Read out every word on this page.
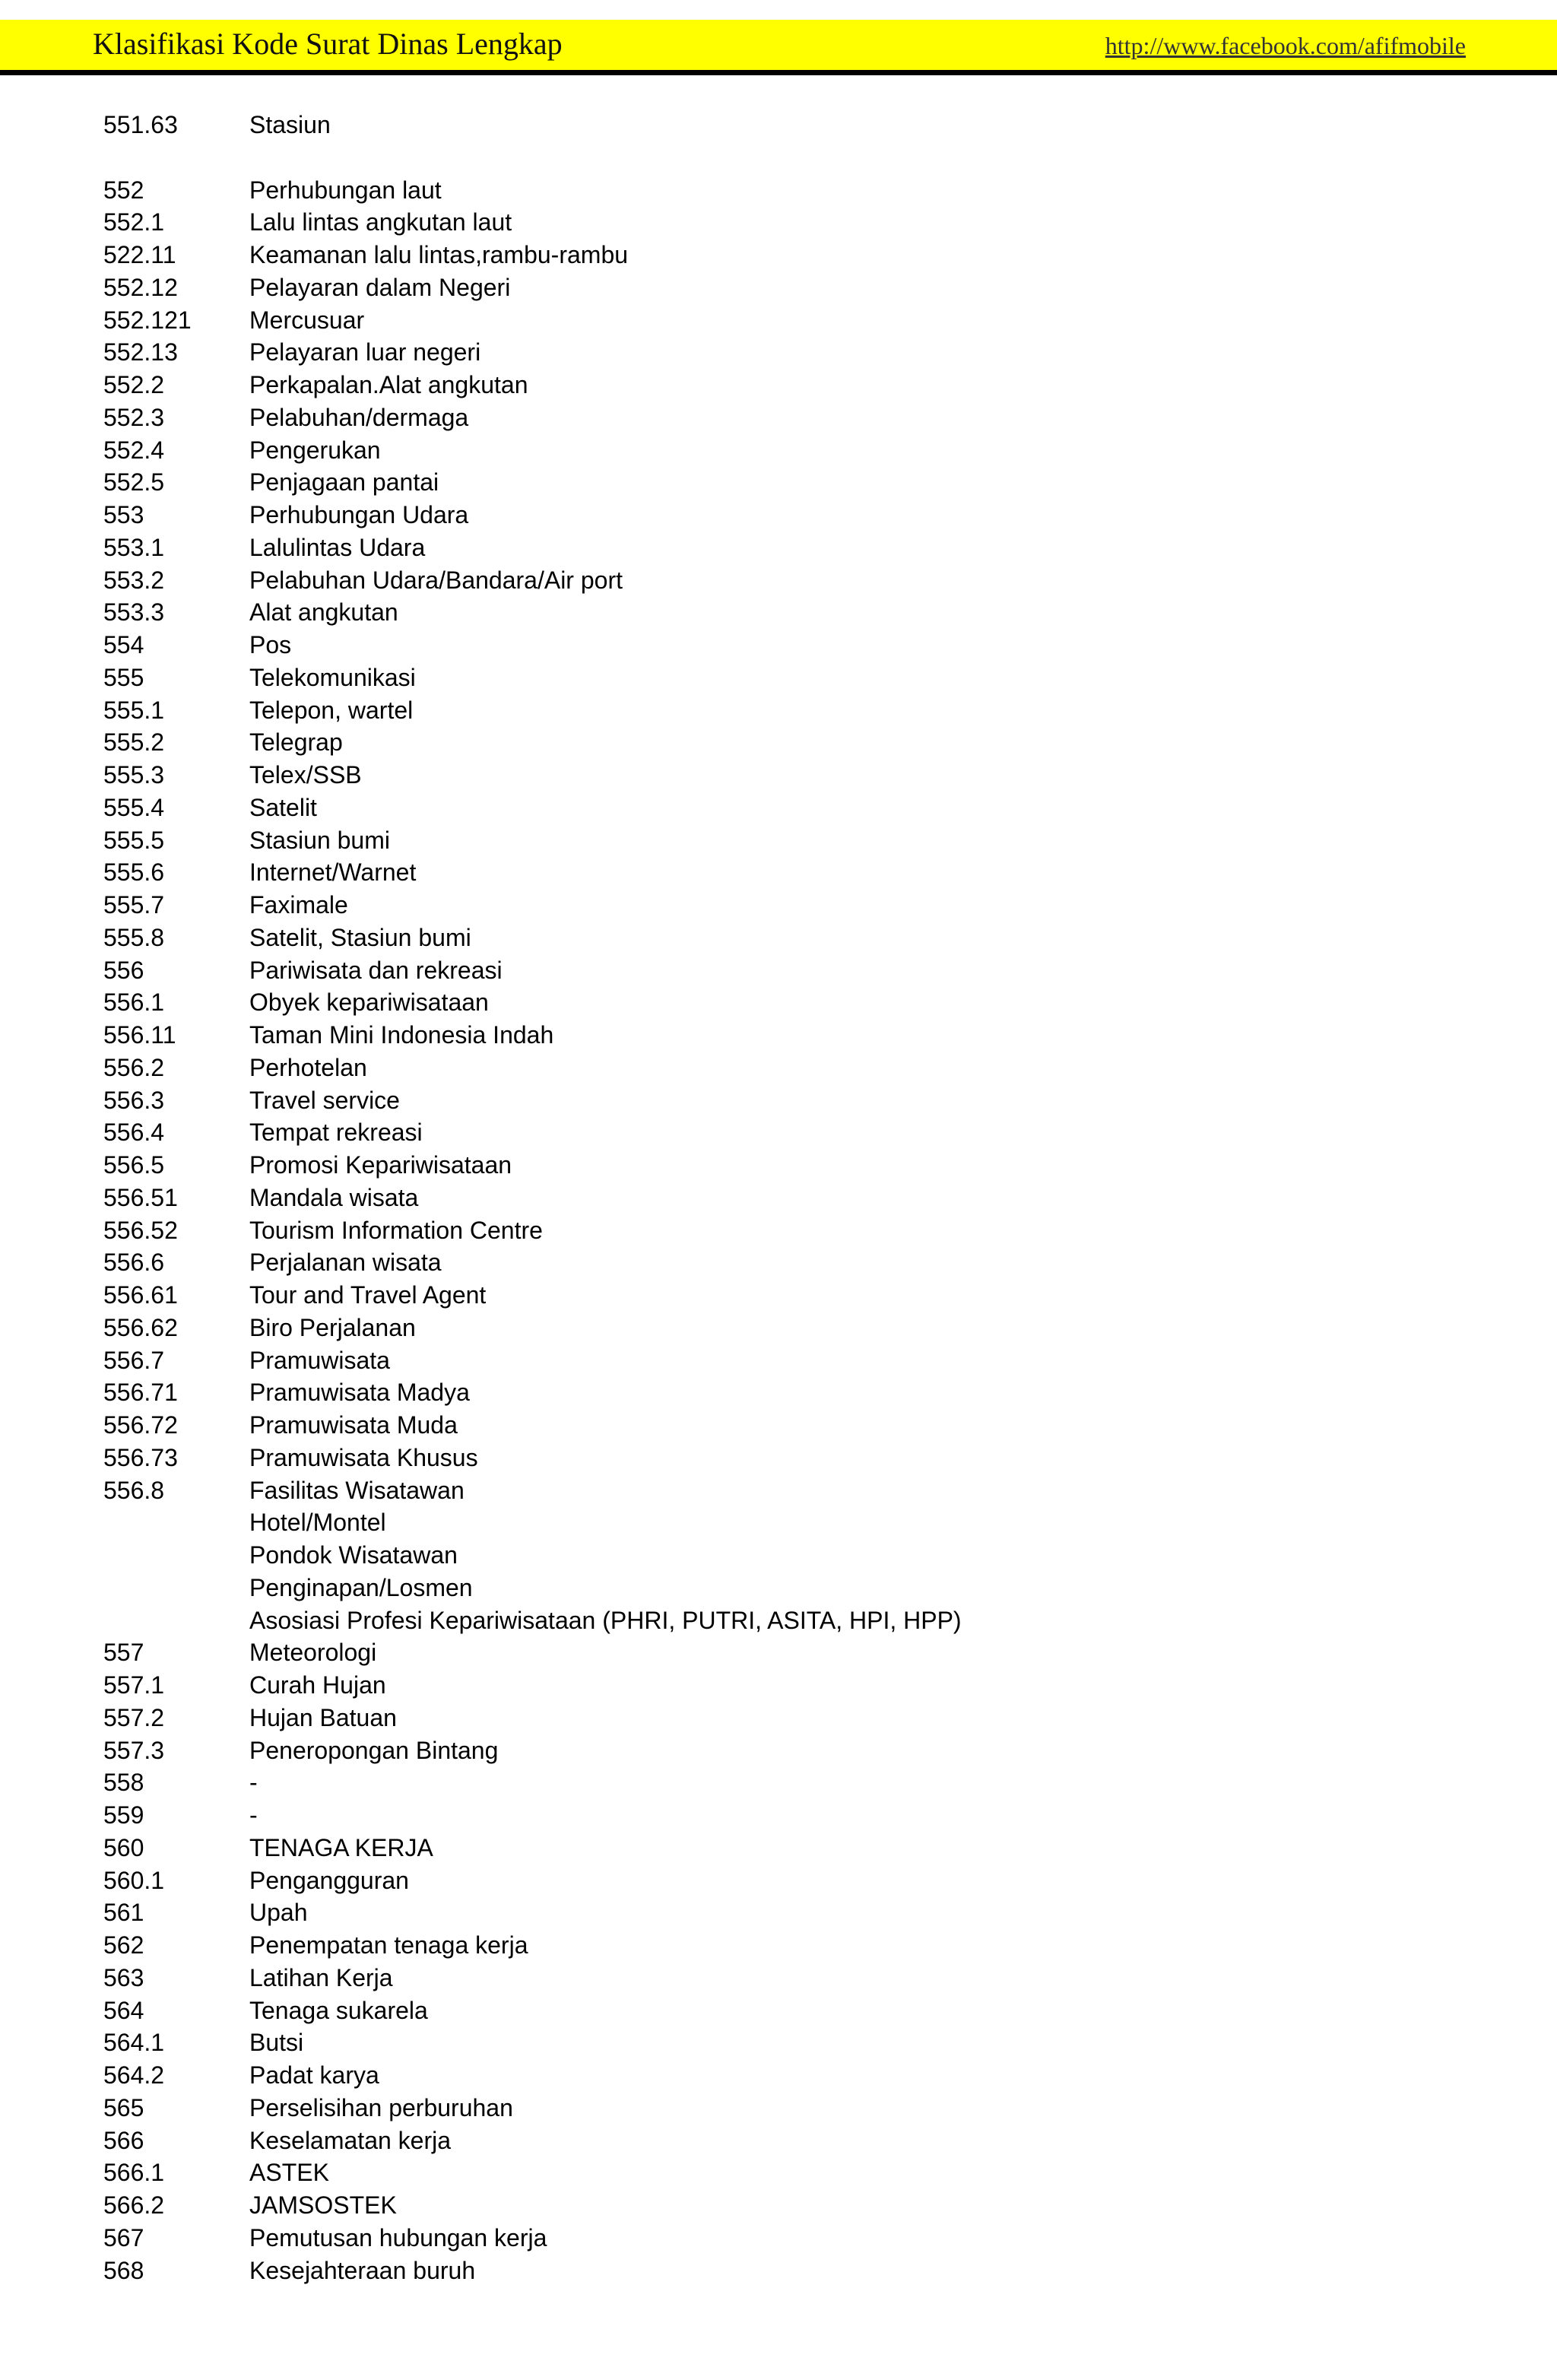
Klasifikasi Kode Surat Dinas Lengkap	http://www.facebook.com/afifmobile
551.63	Stasiun
552	Perhubungan laut
552.1	Lalu lintas angkutan laut
522.11	Keamanan lalu lintas,rambu-rambu
552.12	Pelayaran dalam Negeri
552.121	Mercusuar
552.13	Pelayaran luar negeri
552.2	Perkapalan.Alat angkutan
552.3	Pelabuhan/dermaga
552.4	Pengerukan
552.5	Penjagaan pantai
553	Perhubungan Udara
553.1	Lalulintas Udara
553.2	Pelabuhan Udara/Bandara/Air port
553.3	Alat angkutan
554	Pos
555	Telekomunikasi
555.1	Telepon, wartel
555.2	Telegrap
555.3	Telex/SSB
555.4	Satelit
555.5	Stasiun bumi
555.6	Internet/Warnet
555.7	Faximale
555.8	Satelit, Stasiun bumi
556	Pariwisata dan rekreasi
556.1	Obyek kepariwisataan
556.11	Taman Mini Indonesia Indah
556.2	Perhotelan
556.3	Travel service
556.4	Tempat rekreasi
556.5	Promosi Kepariwisataan
556.51	Mandala wisata
556.52	Tourism Information Centre
556.6	Perjalanan wisata
556.61	Tour and Travel Agent
556.62	Biro Perjalanan
556.7	Pramuwisata
556.71	Pramuwisata Madya
556.72	Pramuwisata Muda
556.73	Pramuwisata Khusus
556.8	Fasilitas Wisatawan
Hotel/Montel
Pondok Wisatawan
Penginapan/Losmen
Asosiasi Profesi Kepariwisataan (PHRI, PUTRI, ASITA, HPI, HPP)
557	Meteorologi
557.1	Curah Hujan
557.2	Hujan Batuan
557.3	Peneropongan Bintang
558	-
559	-
560	TENAGA KERJA
560.1	Pengangguran
561	Upah
562	Penempatan tenaga kerja
563	Latihan Kerja
564	Tenaga sukarela
564.1	Butsi
564.2	Padat karya
565	Perselisihan perburuhan
566	Keselamatan kerja
566.1	ASTEK
566.2	JAMSOSTEK
567	Pemutusan hubungan kerja
568	Kesejahteraan buruh
